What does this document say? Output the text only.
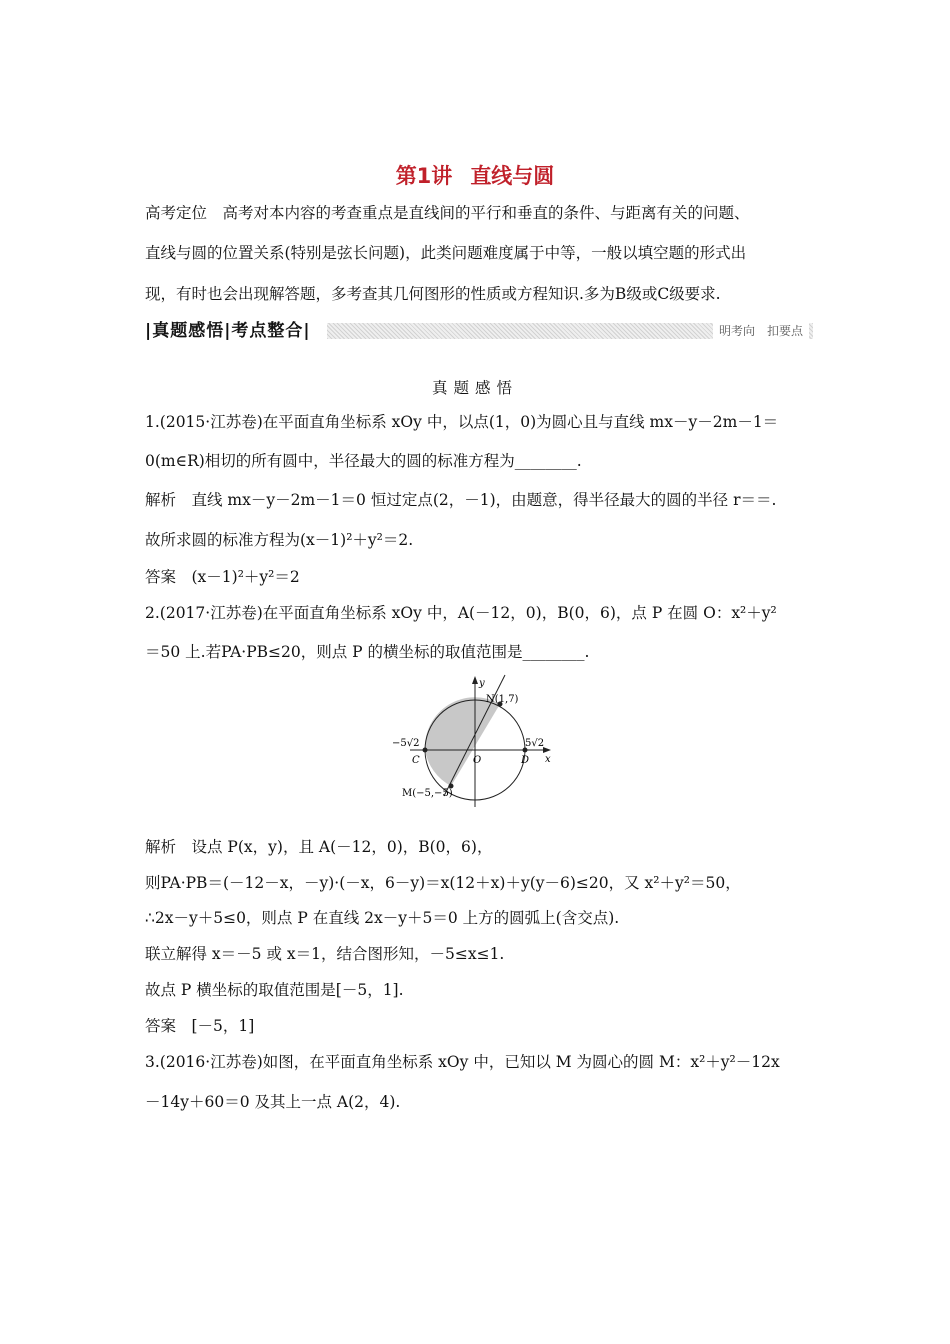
第1讲 直线与圆
高考定位　高考对本内容的考查重点是直线间的平行和垂直的条件、与距离有关的问题、
直线与圆的位置关系(特别是弦长问题)，此类问题难度属于中等，一般以填空题的形式出
现，有时也会出现解答题，多考查其几何图形的性质或方程知识.多为B级或C级要求.
|真题感悟|考点整合|	明考向　扣要点
真题感悟
1.(2015·江苏卷)在平面直角坐标系 xOy 中，以点(1，0)为圆心且与直线 mx－y－2m－1＝
0(m∈R)相切的所有圆中，半径最大的圆的标准方程为________.
解析　直线 mx－y－2m－1＝0 恒过定点(2，－1)，由题意，得半径最大的圆的半径 r＝＝.
故所求圆的标准方程为(x－1)²＋y²＝2.
答案　(x－1)²＋y²＝2
2.(2017·江苏卷)在平面直角坐标系 xOy 中，A(－12，0)，B(0，6)，点 P 在圆 O：x²＋y²
＝50 上.若PA·PB≤20，则点 P 的横坐标的取值范围是________.
y
x
N(1,7)
−5√2	5√2
C	O	D
M(−5,−5)
解析　设点 P(x，y)，且 A(－12，0)，B(0，6)，
则PA·PB＝(－12－x，－y)·(－x，6－y)＝x(12＋x)＋y(y－6)≤20，又 x²＋y²＝50，
∴2x－y＋5≤0，则点 P 在直线 2x－y＋5＝0 上方的圆弧上(含交点).
联立解得 x＝－5 或 x＝1，结合图形知，－5≤x≤1.
故点 P 横坐标的取值范围是[－5，1].
答案　[－5，1]
3.(2016·江苏卷)如图，在平面直角坐标系 xOy 中，已知以 M 为圆心的圆 M：x²＋y²－12x
－14y＋60＝0 及其上一点 A(2，4).
